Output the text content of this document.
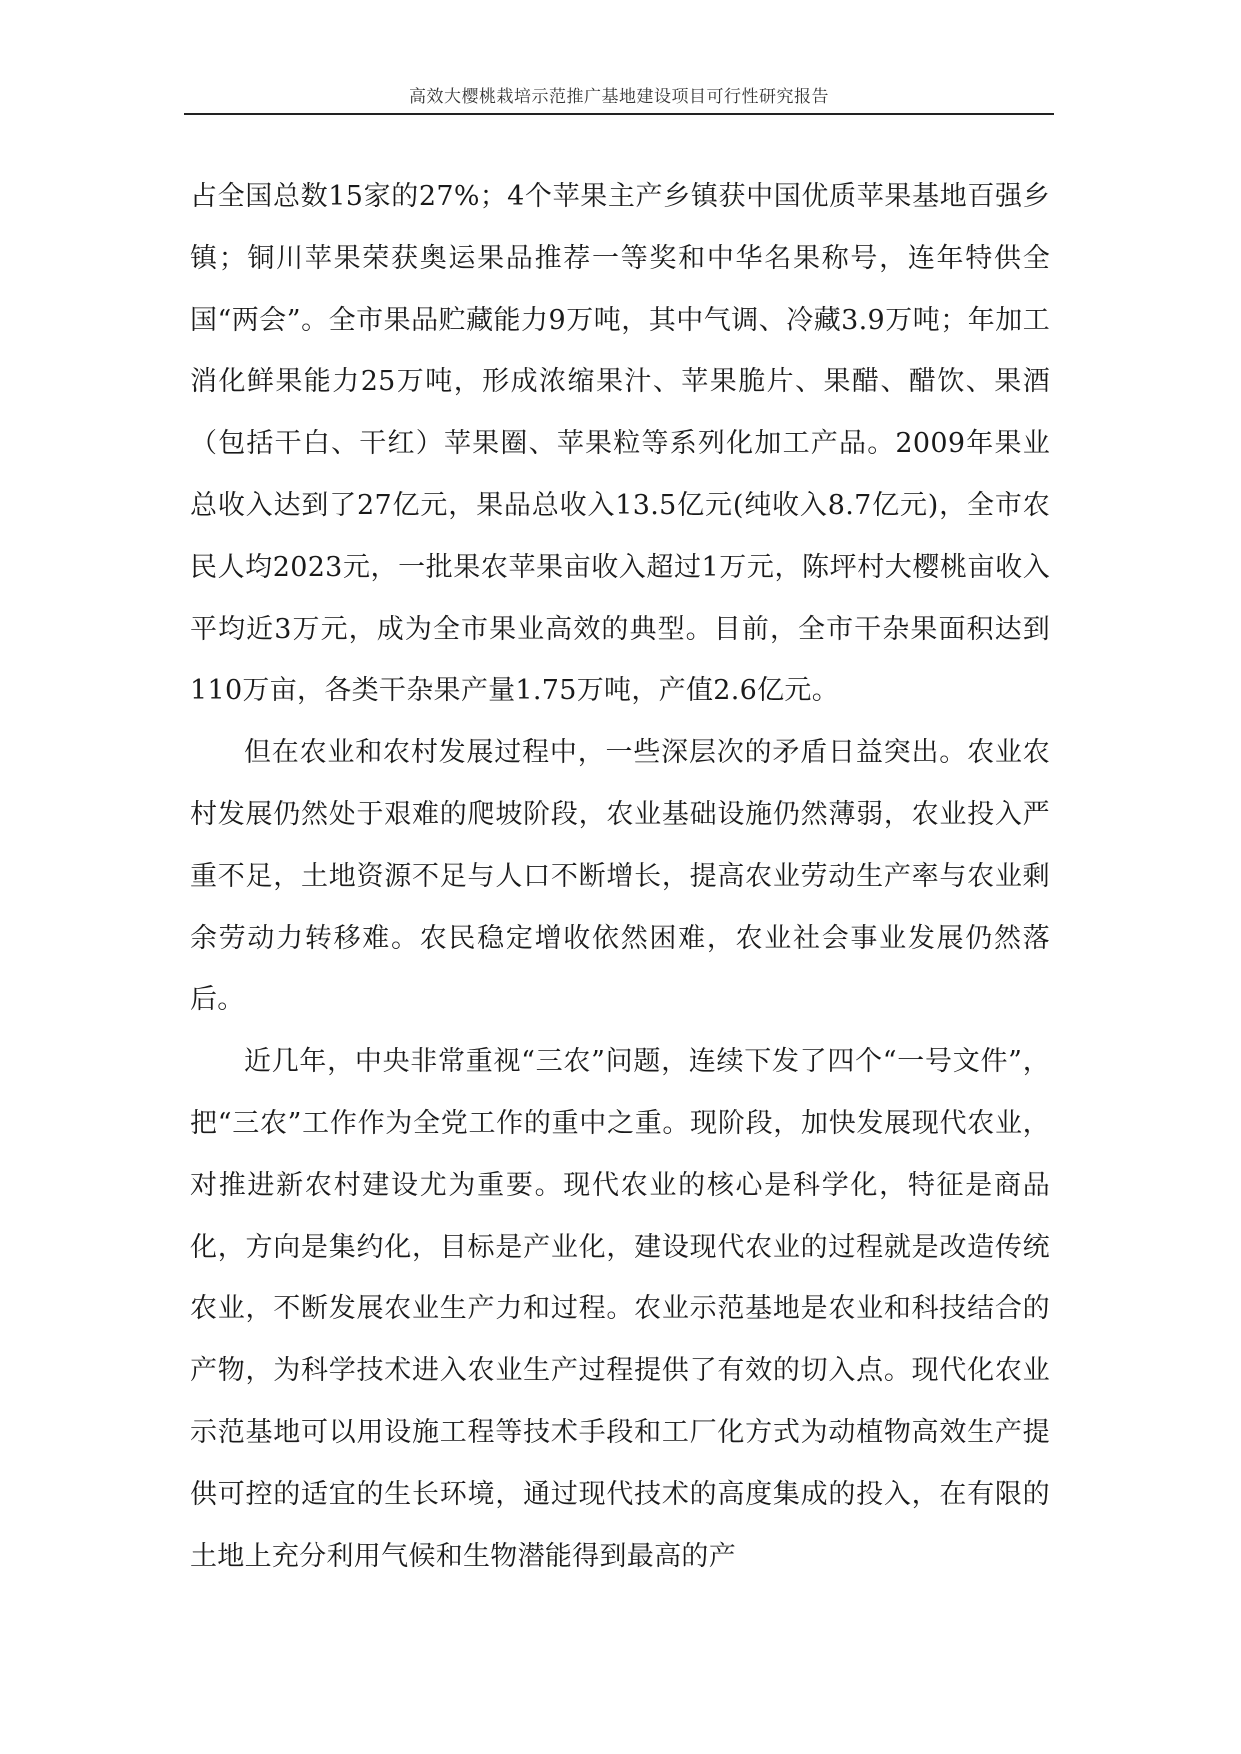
高效大樱桃栽培示范推广基地建设项目可行性研究报告

占全国总数15家的27%；4个苹果主产乡镇获中国优质苹果基地百强乡镇；铜川苹果荣获奥运果品推荐一等奖和中华名果称号，连年特供全国“两会”。全市果品贮藏能力9万吨，其中气调、冷藏3.9万吨；年加工消化鲜果能力25万吨，形成浓缩果汁、苹果脆片、果醋、醋饮、果酒（包括干白、干红）苹果圈、苹果粒等系列化加工产品。2009年果业总收入达到了27亿元，果品总收入13.5亿元(纯收入8.7亿元)，全市农民人均2023元，一批果农苹果亩收入超过1万元，陈坪村大樱桃亩收入平均近3万元，成为全市果业高效的典型。目前，全市干杂果面积达到110万亩，各类干杂果产量1.75万吨，产值2.6亿元。

但在农业和农村发展过程中，一些深层次的矛盾日益突出。农业农村发展仍然处于艰难的爬坡阶段，农业基础设施仍然薄弱，农业投入严重不足，土地资源不足与人口不断增长，提高农业劳动生产率与农业剩余劳动力转移难。农民稳定增收依然困难，农业社会事业发展仍然落后。

近几年，中央非常重视“三农”问题，连续下发了四个“一号文件”，把“三农”工作作为全党工作的重中之重。现阶段，加快发展现代农业，对推进新农村建设尤为重要。现代农业的核心是科学化，特征是商品化，方向是集约化，目标是产业化，建设现代农业的过程就是改造传统农业，不断发展农业生产力和过程。农业示范基地是农业和科技结合的产物，为科学技术进入农业生产过程提供了有效的切入点。现代化农业示范基地可以用设施工程等技术手段和工厂化方式为动植物高效生产提供可控的适宜的生长环境，通过现代技术的高度集成的投入，在有限的土地上充分利用气候和生物潜能得到最高的产
